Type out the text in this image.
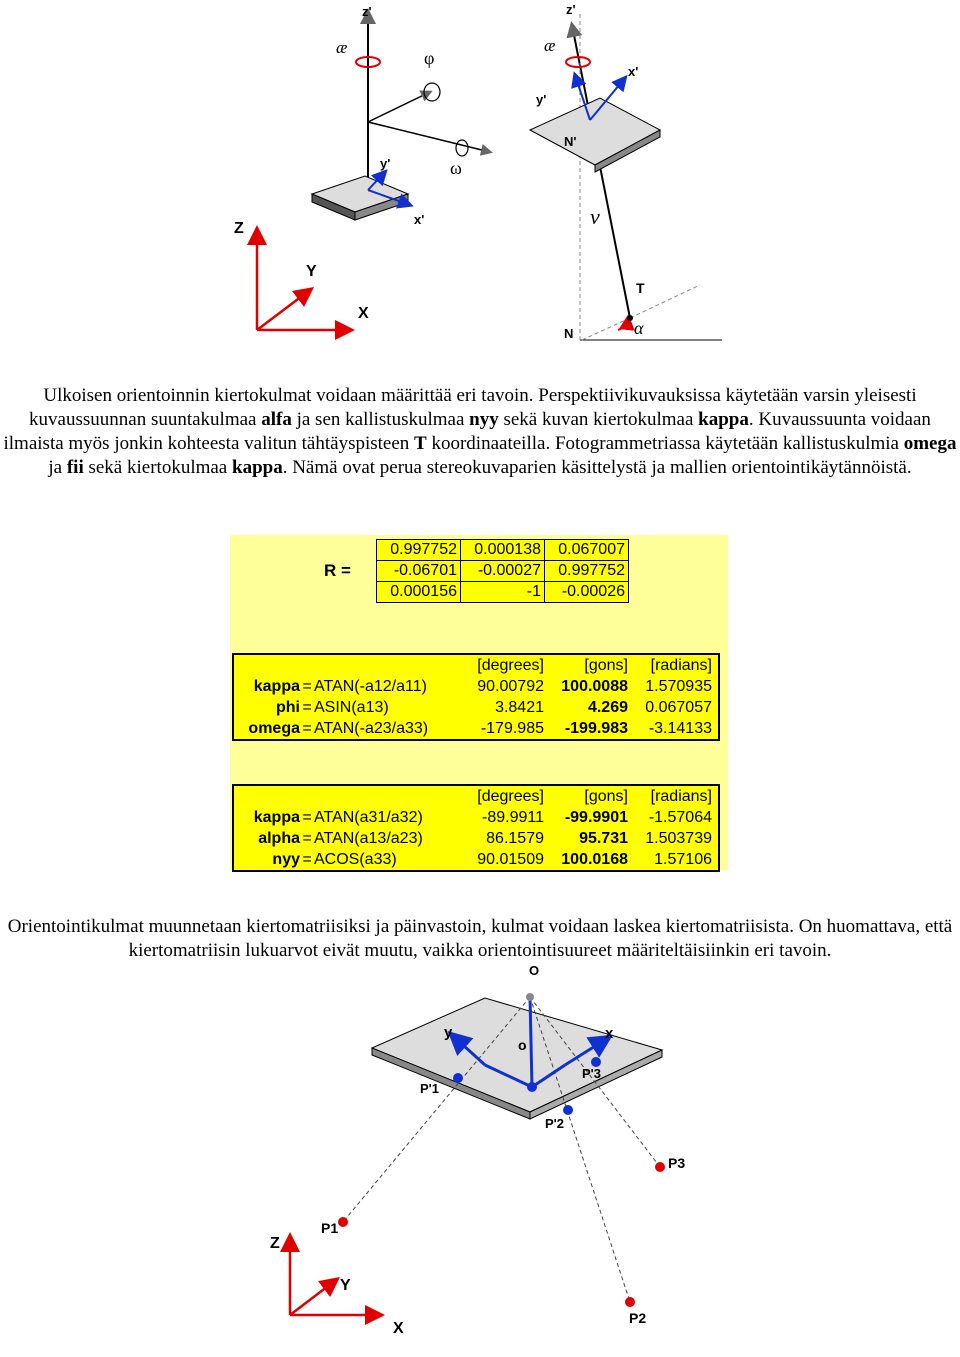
Z
Y
X
z'
æ
φ
ω
y'
x'
z'
æ
x'
y'
N'
ν
T
N	α
Ulkoisen orientoinnin kiertokulmat voidaan määrittää eri tavoin. Perspektiivikuvauksissa käytetään varsin yleisesti kuvaussuunnan suuntakulmaa alfa ja sen kallistuskulmaa nyy sekä kuvan kiertokulmaa kappa. Kuvaussuunta voidaan ilmaista myös jonkin kohteesta valitun tähtäyspisteen T koordinaateilla. Fotogrammetriassa käytetään kallistuskulmia omega ja fii sekä kiertokulmaa kappa. Nämä ovat perua stereokuvaparien käsittelystä ja mallien orientointikäytännöistä.
R =
0.997752	0.000138	0.067007
-0.06701	-0.00027	0.997752
0.000156	-1	-0.00026
			[degrees]	[gons]	[radians]
kappa	=	ATAN(-a12/a11)	90.00792	100.0088	1.570935
phi	=	ASIN(a13)	3.8421	4.269	0.067057
omega	=	ATAN(-a23/a33)	-179.985	-199.983	-3.14133
			[degrees]	[gons]	[radians]
kappa	=	ATAN(a31/a32)	-89.9911	-99.9901	-1.57064
alpha	=	ATAN(a13/a23)	86.1579	95.731	1.503739
nyy	=	ACOS(a33)	90.01509	100.0168	1.57106
Orientointikulmat muunnetaan kiertomatriisiksi ja päinvastoin, kulmat voidaan laskea kiertomatriisista. On huomattava, että kiertomatriisin lukuarvot eivät muutu, vaikka orientointisuureet määriteltäisiinkin eri tavoin.
O
y	x
o
P'1
P'2
P'3
P1
P2
P3
Z
Y
X
